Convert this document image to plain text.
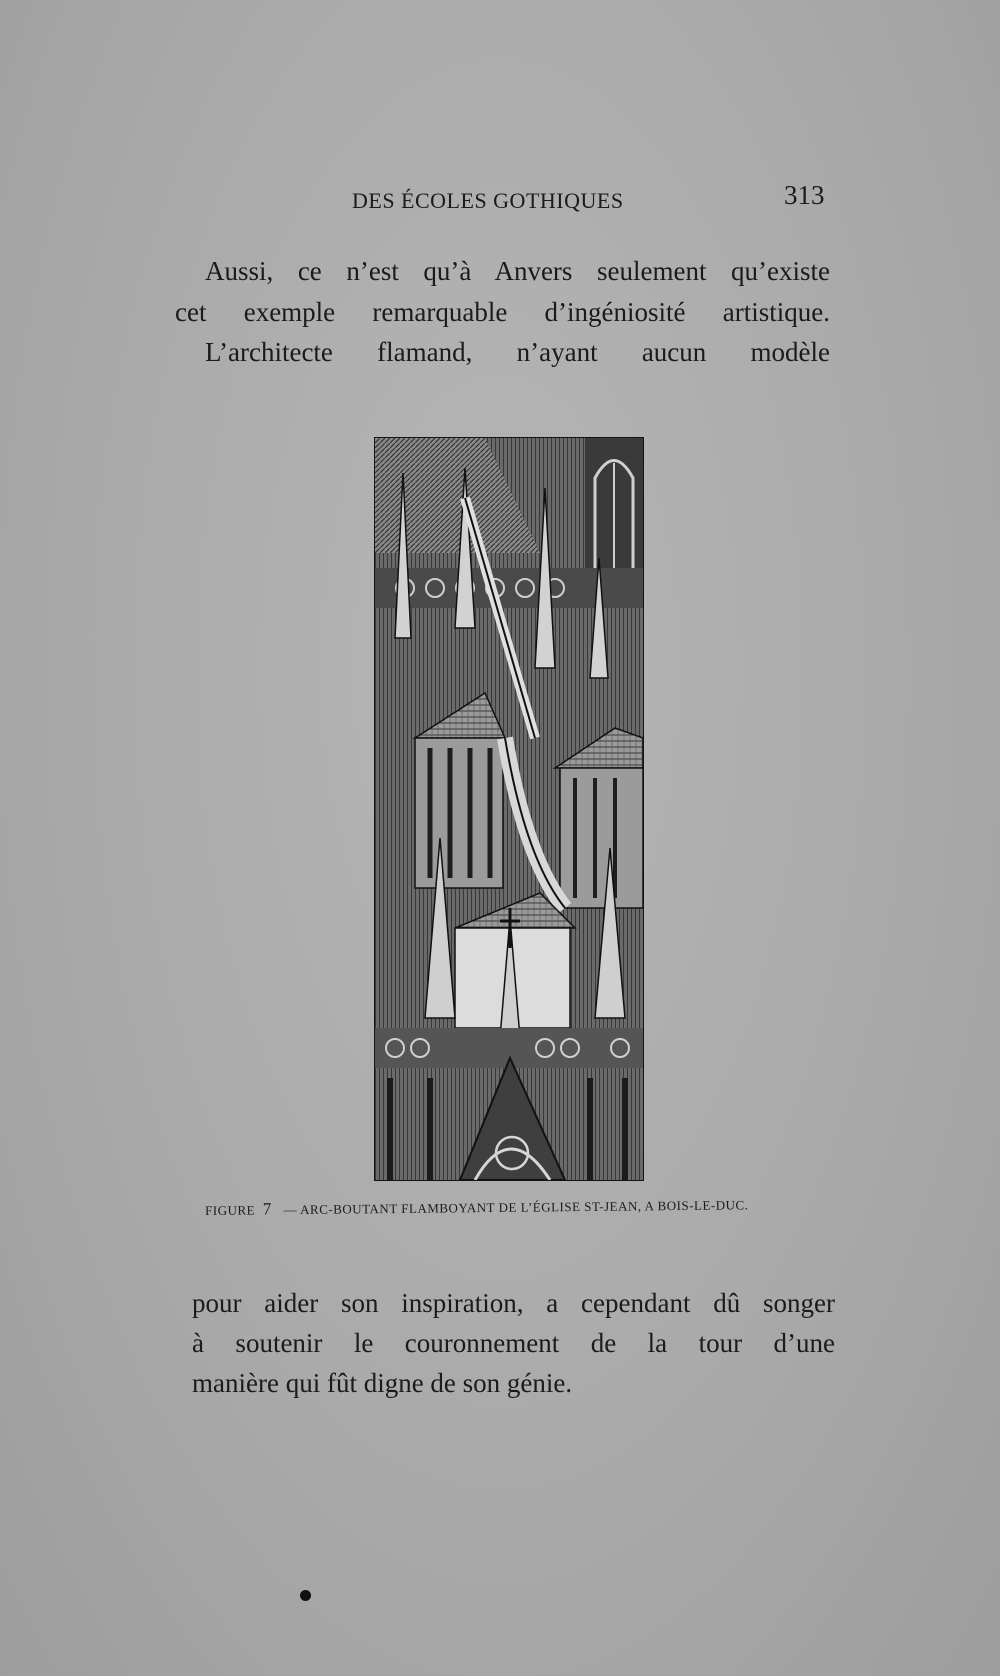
DES ÉCOLES GOTHIQUES	313
Aussi, ce n’est qu’à Anvers seulement qu’existe
cet exemple remarquable d’ingéniosité artistique.
L’architecte flamand, n’ayant aucun modèle
FIGURE 7 — ARC-BOUTANT FLAMBOYANT DE L’ÉGLISE ST-JEAN, A BOIS-LE-DUC.
pour aider son inspiration, a cependant dû songer
à soutenir le couronnement de la tour d’une
manière qui fût digne de son génie.
